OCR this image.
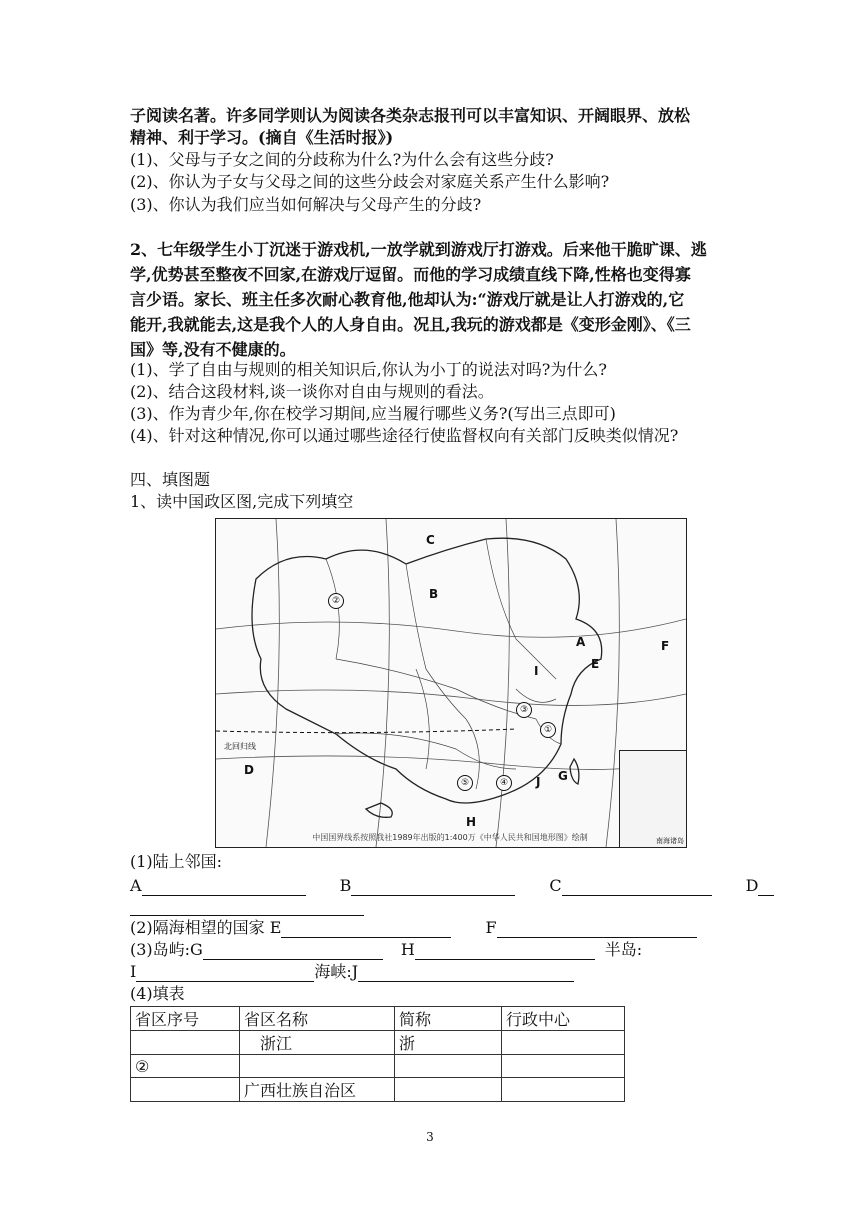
子阅读名著。许多同学则认为阅读各类杂志报刊可以丰富知识、开阔眼界、放松
精神、利于学习。(摘自《生活时报》)
(1)、父母与子女之间的分歧称为什么?为什么会有这些分歧?
(2)、你认为子女与父母之间的这些分歧会对家庭关系产生什么影响?
(3)、你认为我们应当如何解决与父母产生的分歧?
2、七年级学生小丁沉迷于游戏机,一放学就到游戏厅打游戏。后来他干脆旷课、逃
学,优势甚至整夜不回家,在游戏厅逗留。而他的学习成绩直线下降,性格也变得寡
言少语。家长、班主任多次耐心教育他,他却认为:“游戏厅就是让人打游戏的,它
能开,我就能去,这是我个人的人身自由。况且,我玩的游戏都是《变形金刚》、《三
国》等,没有不健康的。
(1)、学了自由与规则的相关知识后,你认为小丁的说法对吗?为什么?
(2)、结合这段材料,谈一谈你对自由与规则的看法。
(3)、作为青少年,你在校学习期间,应当履行哪些义务?(写出三点即可)
(4)、针对这种情况,你可以通过哪些途径行使监督权向有关部门反映类似情况?
四、填图题
1、读中国政区图,完成下列填空
C
B
A	F
E
I
D
J G
H
②
③
①
⑤	④
北回归线
南海诸岛
中国国界线系按照我社1989年出版的1:400万《中华人民共和国地形图》绘制
(1)陆上邻国:
A	B	C	D
(2)隔海相望的国家 E	F
(3)岛屿:G	H	半岛:
I	海峡:J
(4)填表
省区序号	省区名称	简称	行政中心
	浙江	浙	
②			
	广西壮族自治区		
3
